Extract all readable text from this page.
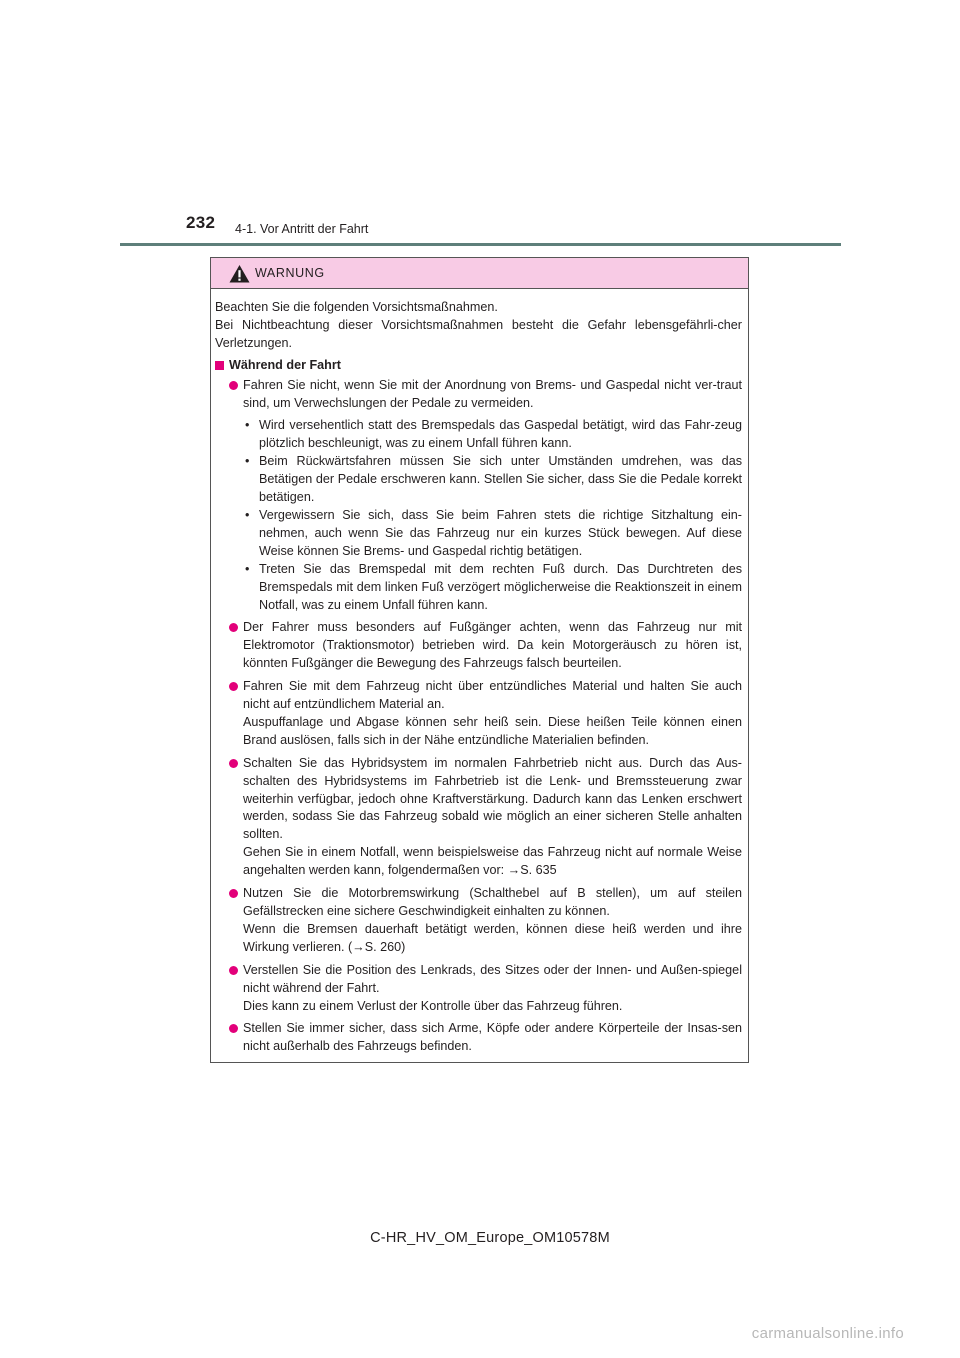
232 4-1. Vor Antritt der Fahrt
WARNUNG

Beachten Sie die folgenden Vorsichtsmaßnahmen.

Bei Nichtbeachtung dieser Vorsichtsmaßnahmen besteht die Gefahr lebensgefährli-cher Verletzungen.

Während der Fahrt

Fahren Sie nicht, wenn Sie mit der Anordnung von Brems- und Gaspedal nicht ver-traut sind, um Verwechslungen der Pedale zu vermeiden.

• Wird versehentlich statt des Bremspedals das Gaspedal betätigt, wird das Fahr-zeug plötzlich beschleunigt, was zu einem Unfall führen kann.
• Beim Rückwärtsfahren müssen Sie sich unter Umständen umdrehen, was das Betätigen der Pedale erschweren kann. Stellen Sie sicher, dass Sie die Pedale korrekt betätigen.
• Vergewissern Sie sich, dass Sie beim Fahren stets die richtige Sitzhaltung ein-nehmen, auch wenn Sie das Fahrzeug nur ein kurzes Stück bewegen. Auf diese Weise können Sie Brems- und Gaspedal richtig betätigen.
• Treten Sie das Bremspedal mit dem rechten Fuß durch. Das Durchtreten des Bremspedals mit dem linken Fuß verzögert möglicherweise die Reaktionszeit in einem Notfall, was zu einem Unfall führen kann.

Der Fahrer muss besonders auf Fußgänger achten, wenn das Fahrzeug nur mit Elektromotor (Traktionsmotor) betrieben wird. Da kein Motorgeräusch zu hören ist, könnten Fußgänger die Bewegung des Fahrzeugs falsch beurteilen.

Fahren Sie mit dem Fahrzeug nicht über entzündliches Material und halten Sie auch nicht auf entzündlichem Material an.

Auspuffanlage und Abgase können sehr heiß sein. Diese heißen Teile können einen Brand auslösen, falls sich in der Nähe entzündliche Materialien befinden.

Schalten Sie das Hybridsystem im normalen Fahrbetrieb nicht aus. Durch das Aus-schalten des Hybridsystems im Fahrbetrieb ist die Lenk- und Bremssteuerung zwar weiterhin verfügbar, jedoch ohne Kraftverstärkung. Dadurch kann das Lenken erschwert werden, sodass Sie das Fahrzeug sobald wie möglich an einer sicheren Stelle anhalten sollten.

Gehen Sie in einem Notfall, wenn beispielsweise das Fahrzeug nicht auf normale Weise angehalten werden kann, folgendermaßen vor: →S. 635

Nutzen Sie die Motorbremswirkung (Schalthebel auf B stellen), um auf steilen Gefällstrecken eine sichere Geschwindigkeit einhalten zu können.

Wenn die Bremsen dauerhaft betätigt werden, können diese heiß werden und ihre Wirkung verlieren. (→S. 260)

Verstellen Sie die Position des Lenkrads, des Sitzes oder der Innen- und Außen-spiegel nicht während der Fahrt.

Dies kann zu einem Verlust der Kontrolle über das Fahrzeug führen.

Stellen Sie immer sicher, dass sich Arme, Köpfe oder andere Körperteile der Insas-sen nicht außerhalb des Fahrzeugs befinden.

C-HR_HV_OM_Europe_OM10578M
carmanualsonline.info
